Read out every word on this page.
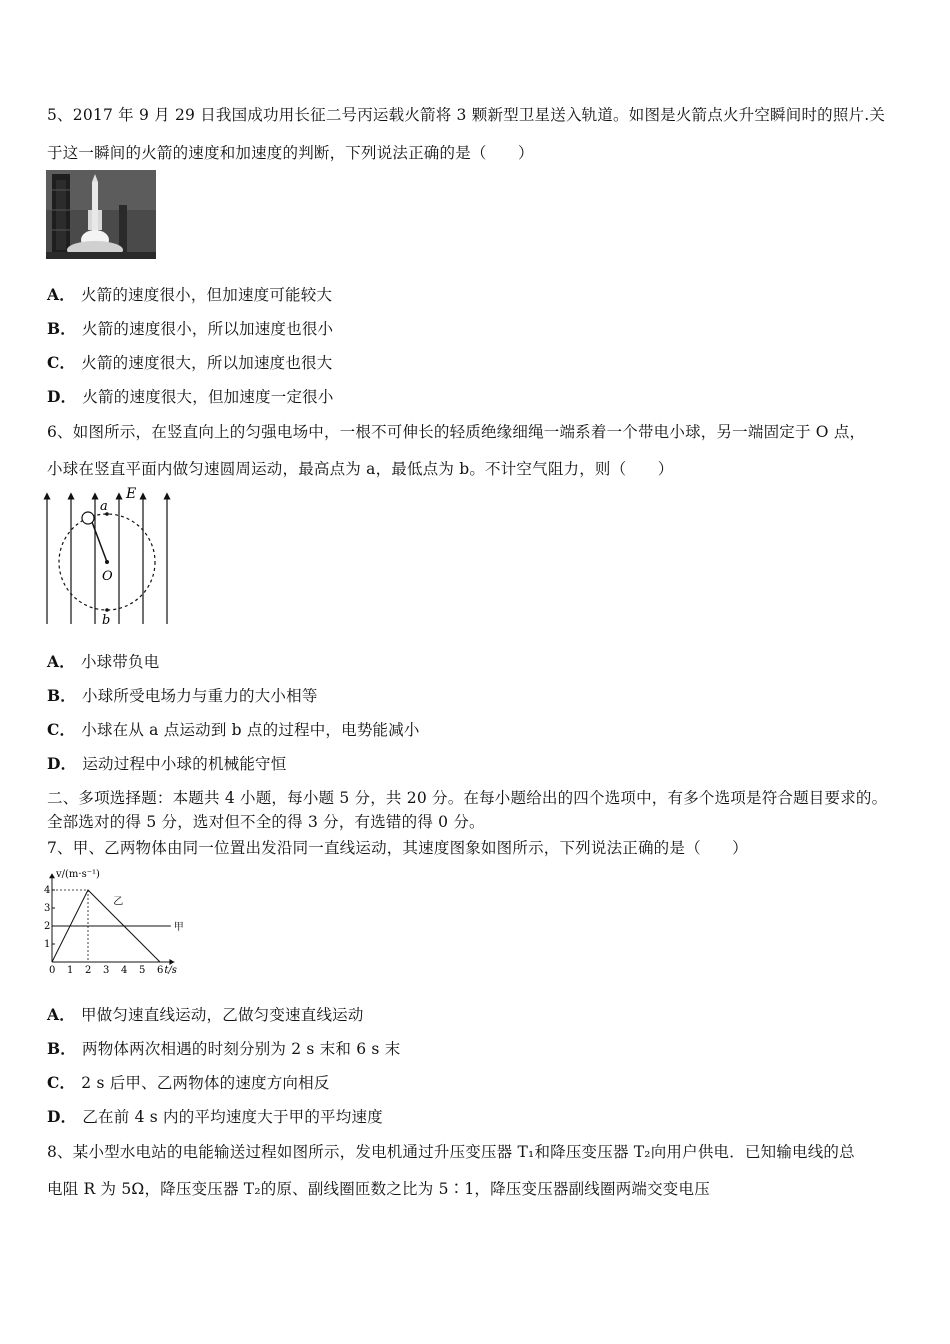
5、2017 年 9 月 29 日我国成功用长征二号丙运载火箭将 3 颗新型卫星送入轨道。如图是火箭点火升空瞬间时的照片.关
于这一瞬间的火箭的速度和加速度的判断，下列说法正确的是（　　）
A． 火箭的速度很小，但加速度可能较大
B． 火箭的速度很小，所以加速度也很小
C． 火箭的速度很大，所以加速度也很大
D． 火箭的速度很大，但加速度一定很小
6、如图所示，在竖直向上的匀强电场中，一根不可伸长的轻质绝缘细绳一端系着一个带电小球，另一端固定于 O 点，
小球在竖直平面内做匀速圆周运动，最高点为 a，最低点为 b。不计空气阻力，则（　　）
E
a
O
b
A． 小球带负电
B． 小球所受电场力与重力的大小相等
C． 小球在从 a 点运动到 b 点的过程中，电势能减小
D． 运动过程中小球的机械能守恒
二、多项选择题：本题共 4 小题，每小题 5 分，共 20 分。在每小题给出的四个选项中，有多个选项是符合题目要求的。
全部选对的得 5 分，选对但不全的得 3 分，有选错的得 0 分。
7、甲、乙两物体由同一位置出发沿同一直线运动，其速度图象如图所示，下列说法正确的是（　　）
v/(m·s⁻¹)
t/s
0 1 2 3 4 5 6
1
2
3
4
甲
乙
A． 甲做匀速直线运动，乙做匀变速直线运动
B． 两物体两次相遇的时刻分别为 2 s 末和 6 s 末
C． 2 s 后甲、乙两物体的速度方向相反
D． 乙在前 4 s 内的平均速度大于甲的平均速度
8、某小型水电站的电能输送过程如图所示，发电机通过升压变压器 T₁和降压变压器 T₂向用户供电．已知输电线的总
电阻 R 为 5Ω，降压变压器 T₂的原、副线圈匝数之比为 5∶1，降压变压器副线圈两端交变电压
